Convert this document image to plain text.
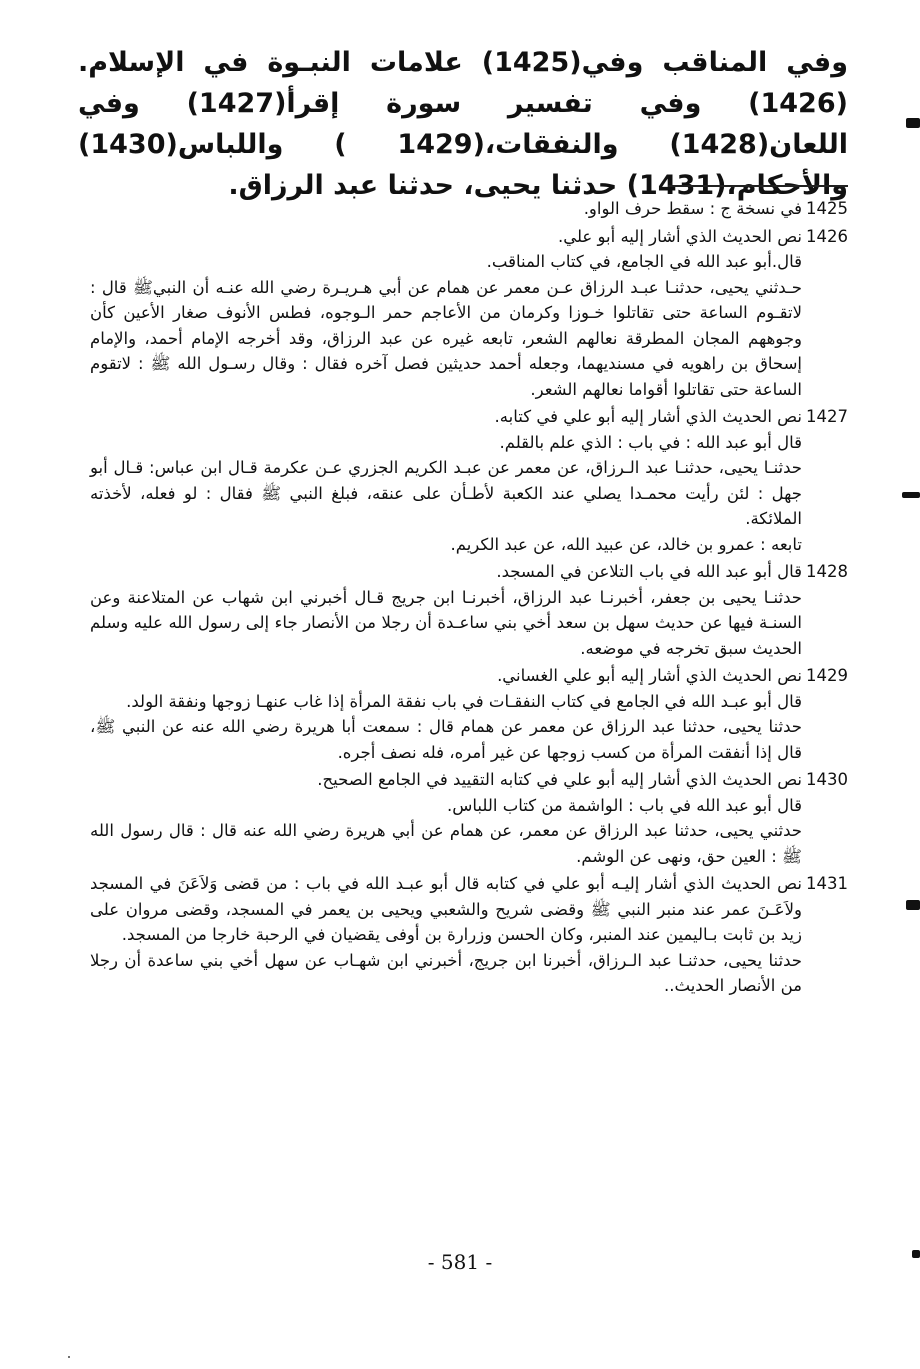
وفي المناقب وفي(1425) علامات النبـوة في الإسلام.(1426) وفي تفسير سورة إقرأ(1427) وفي اللعان(1428) والنفقات،(1429 ) واللباس(1430) والأحكام،(1431) حدثنا يحيى، حدثنا عبد الرزاق.
1425
في نسخة ج : سقط حرف الواو.
1426
نص الحديث الذي أشار إليه أبو علي.
قال.أبو عبد الله في الجامع، في كتاب المناقب.
حـدثني يحيى، حدثنـا عبـد الرزاق عـن معمر عن همام عن أبي هـريـرة رضي الله عنـه أن النبيﷺ قال : لاتقـوم الساعة حتى تقاتلوا خـوزا وكرمان من الأعاجم حمر الـوجوه، فطس الأنوف صغار الأعين كأن وجوههم المجان المطرقة نعالهم الشعر، تابعه غيره عن عبد الرزاق، وقد أخرجه الإمام أحمد، والإمام إسحاق بن راهويه في مسنديهما، وجعله أحمد حديثين فصل آخره فقال : وقال رسـول الله ﷺ : لاتقوم الساعة حتى تقاتلوا أقواما نعالهم الشعر.
1427
نص الحديث الذي أشار إليه أبو علي في كتابه.
قال أبو عبد الله : في باب : الذي علم بالقلم.
حدثنـا يحيى، حدثنـا عبد الـرزاق، عن معمر عن عبـد الكريم الجزري عـن عكرمة قـال ابن عباس: قـال أبو جهل : لئن رأيت محمـدا يصلي عند الكعبة لأطـأن على عنقه، فبلغ النبي ﷺ فقال : لو فعله، لأخذته الملائكة.
تابعه : عمرو بن خالد، عن عبيد الله، عن عبد الكريم.
1428
قال أبو عبد الله في باب التلاعن في المسجد.
حدثنـا يحيى بن جعفر، أخبرنـا عبد الرزاق، أخبرنـا ابن جريج قـال أخبرني ابن شهاب عن المتلاعنة وعن السنـة فيها عن حديث سهل بن سعد أخي بني ساعـدة أن رجلا من الأنصار جاء إلى رسول الله عليه وسلم الحديث سبق تخرجه في موضعه.
1429
نص الحديث الذي أشار إليه أبو علي الغساني.
قال أبو عبـد الله في الجامع في كتاب النفقـات في باب نفقة المرأة إذا غاب عنهـا زوجها ونفقة الولد.
حدثنا يحيى، حدثنا عبد الرزاق عن معمر عن همام قال : سمعت أبا هريرة رضي الله عنه عن النبي ﷺ، قال إذا أنفقت المرأة من كسب زوجها عن غير أمره، فله نصف أجره.
1430
نص الحديث الذي أشار إليه أبو علي في كتابه التقييد في الجامع الصحيح.
قال أبو عبد الله في باب : الواشمة من كتاب اللباس.
حدثني يحيى، حدثنا عبد الرزاق عن معمر، عن همام عن أبي هريرة رضي الله عنه قال : قال رسول الله ﷺ : العين حق، ونهى عن الوشم.
1431
نص الحديث الذي أشار إليـه أبو علي في كتابه قال أبو عبـد الله في باب : من قضى وَلاَعَنَ في المسجد ولاَعَـنَ عمر عند منبر النبي ﷺ وقضى شريح والشعبي ويحيى بن يعمر في المسجد، وقضى مروان على زيد بن ثابت بـاليمين عند المنبر، وكان الحسن وزرارة بن أوفى يقضيان في الرحبة خارجا من المسجد.
حدثنا يحيى، حدثنـا عبد الـرزاق، أخبرنا ابن جريج، أخبرني ابن شهـاب عن سهل أخي بني ساعدة أن رجلا من الأنصار الحديث..
- 581 -
